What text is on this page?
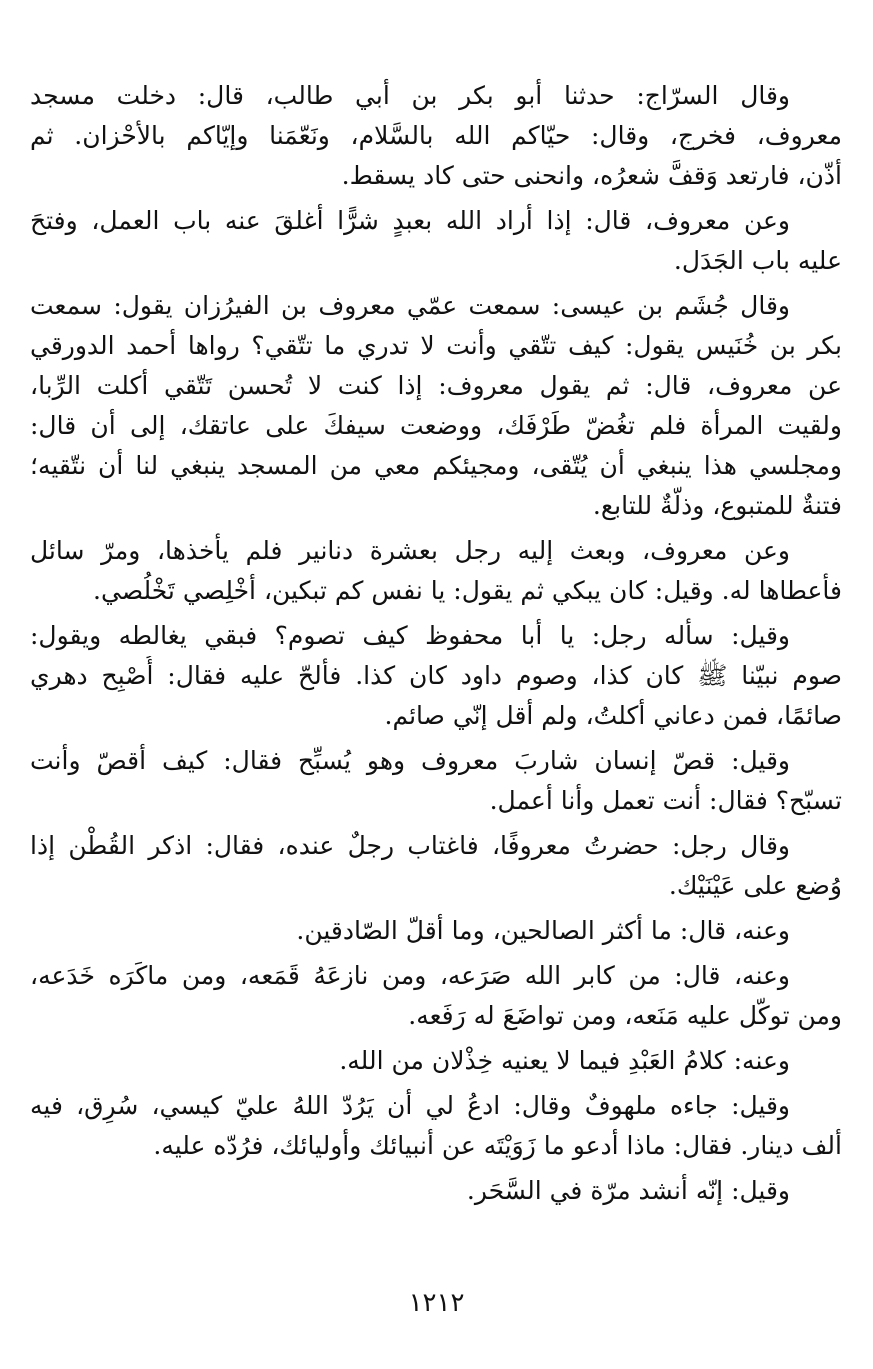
وقال السرّاج: حدثنا أبو بكر بن أبي طالب، قال: دخلت مسجد
معروف، فخرج، وقال: حيّاكم الله بالسَّلام، ونَعّمَنا وإيّاكم بالأحْزان. ثم
أذّن، فارتعد وَقفَّ شعرُه، وانحنى حتى كاد يسقط.
وعن معروف، قال: إذا أراد الله بعبدٍ شرًّا أغلقَ عنه باب العمل، وفتحَ
عليه باب الجَدَل.
وقال جُشَم بن عيسى: سمعت عمّي معروف بن الفيرُزان يقول: سمعت
بكر بن خُنَيس يقول: كيف تتّقي وأنت لا تدري ما تتّقي؟ رواها أحمد الدورقي
عن معروف، قال: ثم يقول معروف: إذا كنت لا تُحسن تَتّقي أكلت الرِّبا،
ولقيت المرأة فلم تغُضّ طَرْفَك، ووضعت سيفكَ على عاتقك، إلى أن قال:
ومجلسي هذا ينبغي أن يُتّقى، ومجيئكم معي من المسجد ينبغي لنا أن نتّقيه؛
فتنةٌ للمتبوع، وذلّةٌ للتابع.
وعن معروف، وبعث إليه رجل بعشرة دنانير فلم يأخذها، ومرّ سائل
فأعطاها له. وقيل: كان يبكي ثم يقول: يا نفس كم تبكين، أخْلِصي تَخْلُصي.
وقيل: سأله رجل: يا أبا محفوظ كيف تصوم؟ فبقي يغالطه ويقول:
صوم نبيّنا ﷺ كان كذا، وصوم داود كان كذا. فألحّ عليه فقال: أُصْبِح دهري
صائمًا، فمن دعاني أكلتُ، ولم أقل إنّي صائم.
وقيل: قصّ إنسان شاربَ معروف وهو يُسبِّح فقال: كيف أقصّ وأنت
تسبّح؟ فقال: أنت تعمل وأنا أعمل.
وقال رجل: حضرتُ معروفًا، فاغتاب رجلٌ عنده، فقال: اذكر القُطْن إذا
وُضع على عَيْنَيْك.
وعنه، قال: ما أكثر الصالحين، وما أقلّ الصّادقين.
وعنه، قال: من كابر الله صَرَعه، ومن نازعَهُ قَمَعه، ومن ماكَرَه خَدَعه،
ومن توكّل عليه مَنَعه، ومن تواضَعَ له رَفَعه.
وعنه: كلامُ العَبْدِ فيما لا يعنيه خِذْلان من الله.
وقيل: جاءه ملهوفٌ وقال: ادعُ لي أن يَرُدّ اللهُ عليّ كيسي، سُرِق، فيه
ألف دينار. فقال: ماذا أدعو ما زَوَيْتَه عن أنبيائك وأوليائك، فرُدّه عليه.
وقيل: إنّه أنشد مرّة في السَّحَر.
١٢١٢
